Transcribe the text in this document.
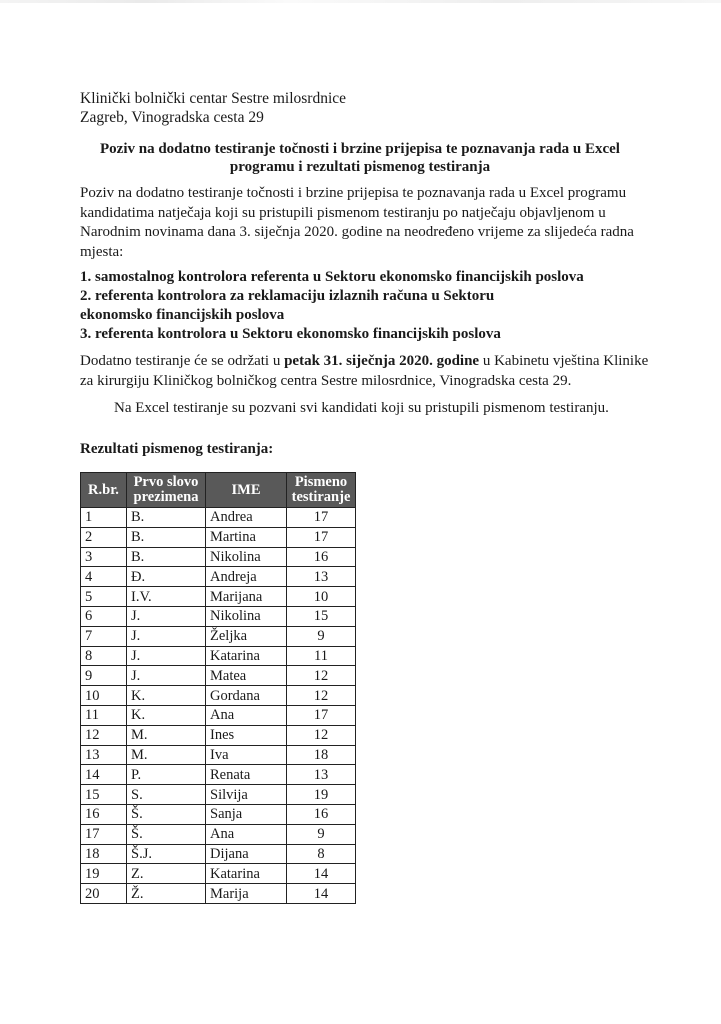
Klinički bolnički centar Sestre milosrdnice
Zagreb, Vinogradska cesta 29
Poziv na dodatno testiranje točnosti i brzine prijepisa te poznavanja rada u Excel
programu i rezultati pismenog testiranja
Poziv na dodatno testiranje točnosti i brzine prijepisa te poznavanja rada u Excel programu kandidatima natječaja koji su pristupili pismenom testiranju po natječaju objavljenom u Narodnim novinama dana 3. siječnja 2020. godine na neodređeno vrijeme za slijedeća radna mjesta:
1. samostalnog kontrolora referenta u Sektoru ekonomsko financijskih poslova
2. referenta kontrolora za reklamaciju izlaznih računa u Sektoru ekonomsko financijskih poslova
3. referenta kontrolora u Sektoru ekonomsko financijskih poslova
Dodatno testiranje će se održati u petak 31. siječnja 2020. godine u Kabinetu vještina Klinike za kirurgiju Kliničkog bolničkog centra Sestre milosrdnice, Vinogradska cesta 29.
Na Excel testiranje su pozvani svi kandidati koji su pristupili pismenom testiranju.
Rezultati pismenog testiranja:
R.br.	Prvo slovo prezimena	IME	Pismeno testiranje
1	B.	Andrea	17
2	B.	Martina	17
3	B.	Nikolina	16
4	Đ.	Andreja	13
5	I.V.	Marijana	10
6	J.	Nikolina	15
7	J.	Željka	9
8	J.	Katarina	11
9	J.	Matea	12
10	K.	Gordana	12
11	K.	Ana	17
12	M.	Ines	12
13	M.	Iva	18
14	P.	Renata	13
15	S.	Silvija	19
16	Š.	Sanja	16
17	Š.	Ana	9
18	Š.J.	Dijana	8
19	Z.	Katarina	14
20	Ž.	Marija	14
